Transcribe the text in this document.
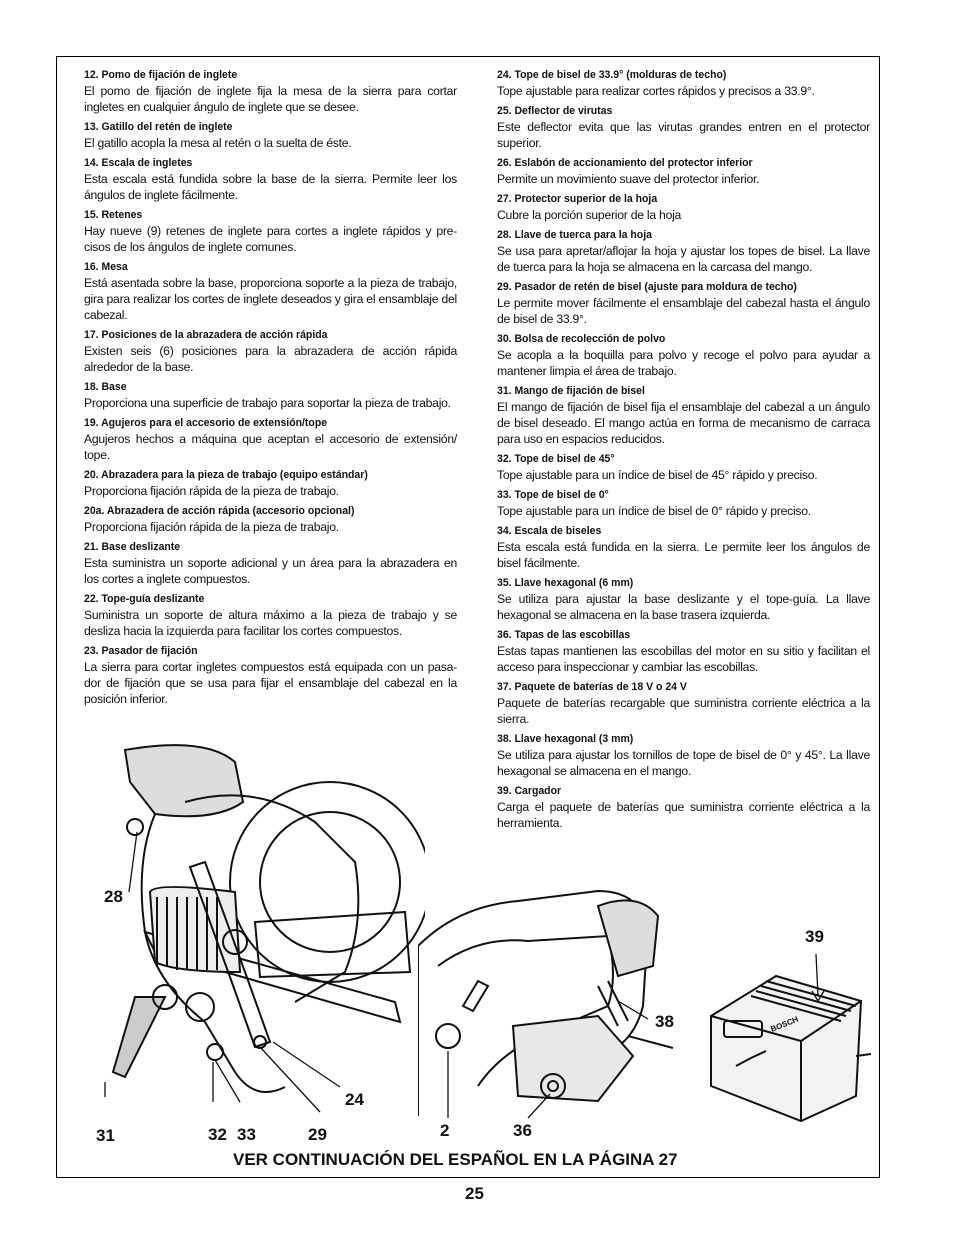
12. Pomo de fijación de inglete
El pomo de fijación de inglete fija la mesa de la sierra para cortar ingletes en cualquier ángulo de inglete que se desee.
13. Gatillo del retén de inglete
El gatillo acopla la mesa al retén o la suelta de éste.
14. Escala de ingletes
Esta escala está fundida sobre la base de la sierra. Permite leer los ángulos de inglete fácilmente.
15. Retenes
Hay nueve (9) retenes de inglete para cortes a inglete rápidos y pre-cisos de los ángulos de inglete comunes.
16. Mesa
Está asentada sobre la base, proporciona soporte a la pieza de trabajo, gira para realizar los cortes de inglete deseados y gira el ensamblaje del cabezal.
17. Posiciones de la abrazadera de acción rápida
Existen seis (6) posiciones para la abrazadera de acción rápida alrededor de la base.
18. Base
Proporciona una superficie de trabajo para soportar la pieza de trabajo.
19. Agujeros para el accesorio de extensión/tope
Agujeros hechos a máquina que aceptan el accesorio de extensión/ tope.
20. Abrazadera para la pieza de trabajo (equipo estándar)
Proporciona fijación rápida de la pieza de trabajo.
20a. Abrazadera de acción rápida (accesorio opcional)
Proporciona fijación rápida de la pieza de trabajo.
21. Base deslizante
Esta suministra un soporte adicional y un área para la abrazadera en los cortes a inglete compuestos.
22. Tope-guía deslizante
Suministra un soporte de altura máximo a la pieza de trabajo y se desliza hacia la izquierda para facilitar los cortes compuestos.
23. Pasador de fijación
La sierra para cortar ingletes compuestos está equipada con un pasa-dor de fijación que se usa para fijar el ensamblaje del cabezal en la posición inferior.
24. Tope de bisel de 33.9° (molduras de techo)
Tope ajustable para realizar cortes rápidos y precisos a 33.9°.
25. Deflector de virutas
Este deflector evita que las virutas grandes entren en el protector superior.
26. Eslabón de accionamiento del protector inferior
Permite un movimiento suave del protector inferior.
27. Protector superior de la hoja
Cubre la porción superior de la hoja
28. Llave de tuerca para la hoja
Se usa para apretar/aflojar la hoja y ajustar los topes de bisel. La llave de tuerca para la hoja se almacena en la carcasa del mango.
29. Pasador de retén de bisel (ajuste para moldura de techo)
Le permite mover fácilmente el ensamblaje del cabezal hasta el ángulo de bisel de 33.9°.
30. Bolsa de recolección de polvo
Se acopla a la boquilla para polvo y recoge el polvo para ayudar a mantener limpia el área de trabajo.
31. Mango de fijación de bisel
El mango de fijación de bisel fija el ensamblaje del cabezal a un ángulo de bisel deseado. El mango actúa en forma de mecanismo de carraca para uso en espacios reducidos.
32. Tope de bisel de 45°
Tope ajustable para un índice de bisel de 45° rápido y preciso.
33. Tope de bisel de 0°
Tope ajustable para un índice de bisel de 0° rápido y preciso.
34. Escala de biseles
Esta escala está fundida en la sierra. Le permite leer los ángulos de bisel fácilmente.
35. Llave hexagonal (6 mm)
Se utiliza para ajustar la base deslizante y el tope-guía. La llave hexagonal se almacena en la base trasera izquierda.
36. Tapas de las escobillas
Estas tapas mantienen las escobillas del motor en su sitio y facilitan el acceso para inspeccionar y cambiar las escobillas.
37. Paquete de baterías de 18 V o 24 V
Paquete de baterías recargable que suministra corriente eléctrica a la sierra.
38. Llave hexagonal (3 mm)
Se utiliza para ajustar los tornillos de tope de bisel de 0° y 45°. La llave hexagonal se almacena en el mango.
39. Cargador
Carga el paquete de baterías que suministra corriente eléctrica a la herramienta.
BOSCH
28
31	32 33	29
24
2	36
38
39
VER CONTINUACIÓN DEL ESPAÑOL EN LA PÁGINA 27
25
